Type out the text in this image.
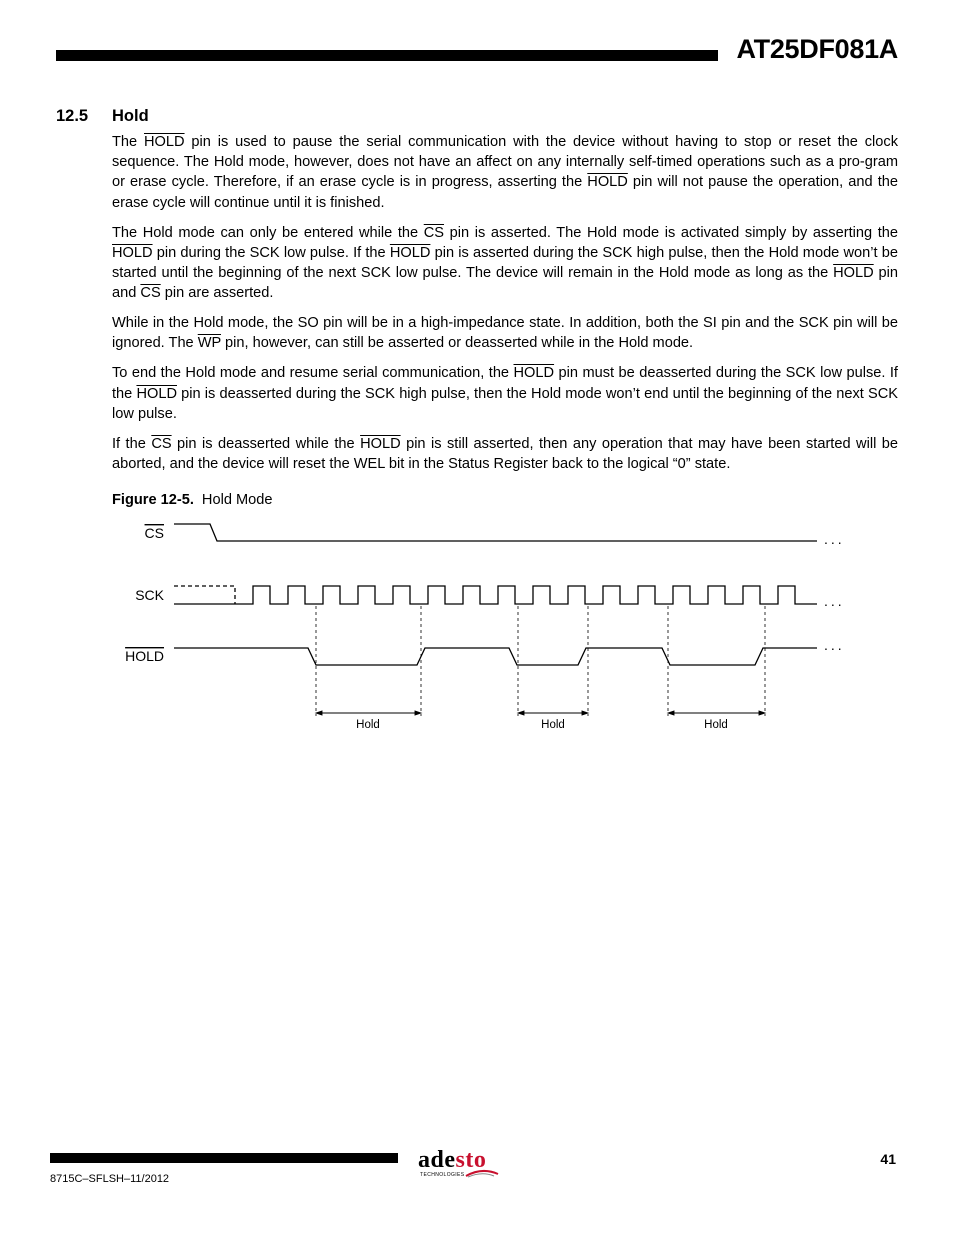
AT25DF081A
12.5 Hold

The HOLD pin is used to pause the serial communication with the device without having to stop or reset the clock sequence. The Hold mode, however, does not have an affect on any internally self-timed operations such as a pro-gram or erase cycle. Therefore, if an erase cycle is in progress, asserting the HOLD pin will not pause the operation, and the erase cycle will continue until it is finished.

The Hold mode can only be entered while the $\overline{CS}$ pin is asserted. The Hold mode is activated simply by asserting the HOLD pin during the SCK low pulse. If the HOLD pin is asserted during the SCK high pulse, then the Hold mode won’t be started until the beginning of the next SCK low pulse. The device will remain in the Hold mode as long as the HOLD pin and $\overline{CS}$ pin are asserted.

While in the Hold mode, the SO pin will be in a high-impedance state. In addition, both the SI pin and the SCK pin will be ignored. The $\overline{WP}$ pin, however, can still be asserted or deasserted while in the Hold mode.

To end the Hold mode and resume serial communication, the HOLD pin must be deasserted during the SCK low pulse. If the HOLD pin is deasserted during the SCK high pulse, then the Hold mode won’t end until the beginning of the next SCK low pulse.

If the $\overline{CS}$ pin is deasserted while the HOLD pin is still asserted, then any operation that may have been started will be aborted, and the device will reset the WEL bit in the Status Register back to the logical “0” state.

Figure 12-5. Hold Mode
CS
SCK
HOLD
...
...
...
Hold	Hold	Hold
adesto
TECHNOLOGIES
41
8715C–SFLSH–11/2012
